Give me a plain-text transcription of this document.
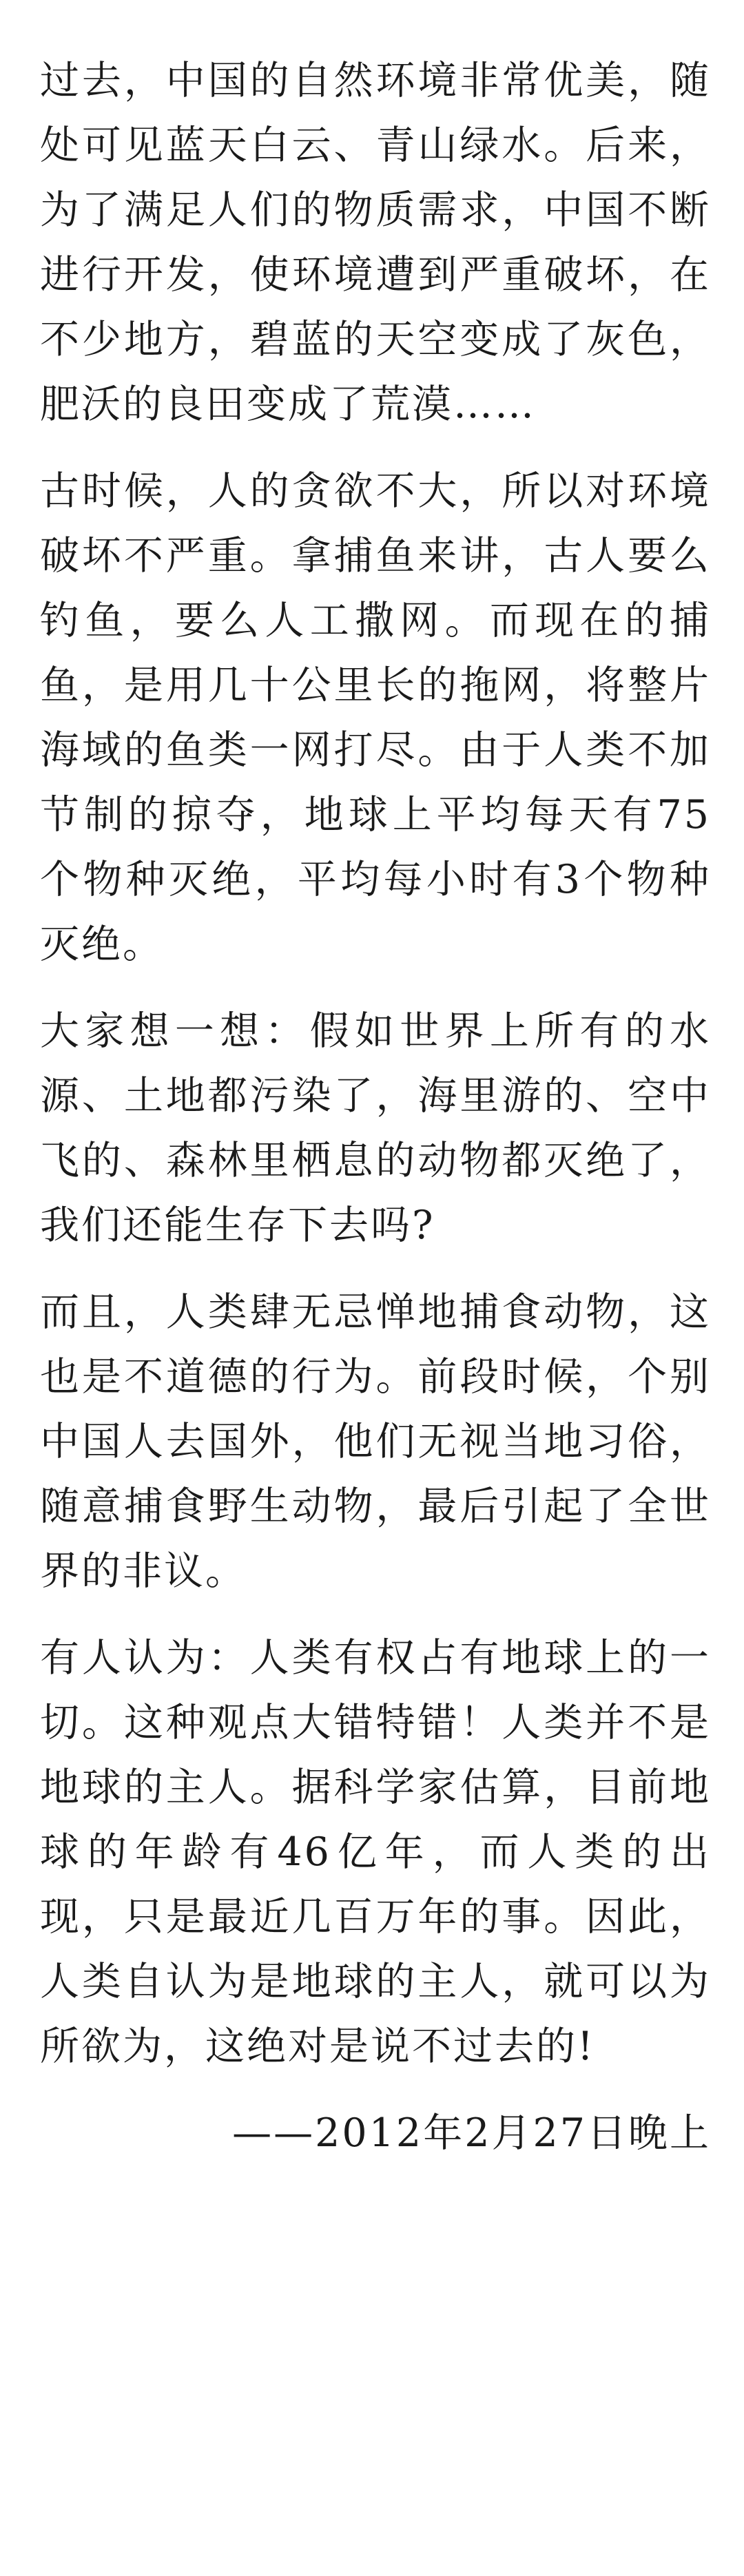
过去，中国的自然环境非常优美，随处可见蓝天白云、青山绿水。后来，为了满足人们的物质需求，中国不断进行开发，使环境遭到严重破坏，在不少地方，碧蓝的天空变成了灰色，肥沃的良田变成了荒漠……

古时候，人的贪欲不大，所以对环境破坏不严重。拿捕鱼来讲，古人要么钓鱼，要么人工撒网。而现在的捕鱼，是用几十公里长的拖网，将整片海域的鱼类一网打尽。由于人类不加节制的掠夺，地球上平均每天有75个物种灭绝，平均每小时有3个物种灭绝。

大家想一想：假如世界上所有的水源、土地都污染了，海里游的、空中飞的、森林里栖息的动物都灭绝了，我们还能生存下去吗?

而且，人类肆无忌惮地捕食动物，这也是不道德的行为。前段时候，个别中国人去国外，他们无视当地习俗，随意捕食野生动物，最后引起了全世界的非议。

有人认为：人类有权占有地球上的一切。这种观点大错特错！人类并不是地球的主人。据科学家估算，目前地球的年龄有46亿年，而人类的出现，只是最近几百万年的事。因此，人类自认为是地球的主人，就可以为所欲为，这绝对是说不过去的!

——2012年2月27日晚上
